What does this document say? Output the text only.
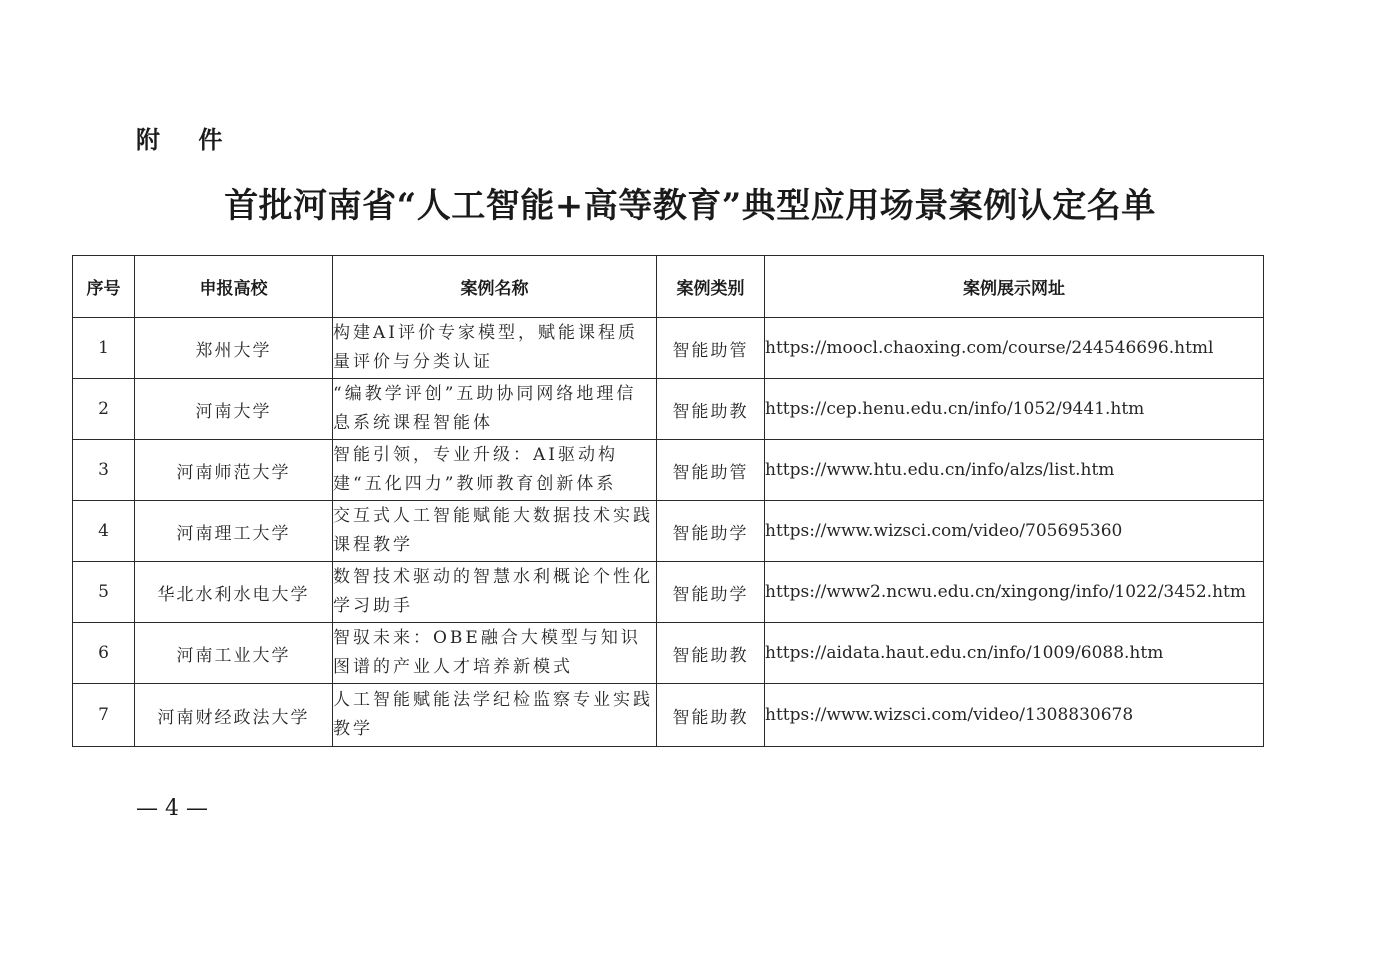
附    件
首批河南省“人工智能+高等教育”典型应用场景案例认定名单
序号	申报高校	案例名称	案例类别	案例展示网址
1	郑州大学	构建AI评价专家模型，赋能课程质量评价与分类认证	智能助管	https://moocl.chaoxing.com/course/244546696.html
2	河南大学	“编教学评创”五助协同网络地理信息系统课程智能体	智能助教	https://cep.henu.edu.cn/info/1052/9441.htm
3	河南师范大学	智能引领，专业升级：AI驱动构建“五化四力”教师教育创新体系	智能助管	https://www.htu.edu.cn/info/alzs/list.htm
4	河南理工大学	交互式人工智能赋能大数据技术实践课程教学	智能助学	https://www.wizsci.com/video/705695360
5	华北水利水电大学	数智技术驱动的智慧水利概论个性化学习助手	智能助学	https://www2.ncwu.edu.cn/xingong/info/1022/3452.htm
6	河南工业大学	智驭未来：OBE融合大模型与知识图谱的产业人才培养新模式	智能助教	https://aidata.haut.edu.cn/info/1009/6088.htm
7	河南财经政法大学	人工智能赋能法学纪检监察专业实践教学	智能助教	https://www.wizsci.com/video/1308830678
— 4 —
